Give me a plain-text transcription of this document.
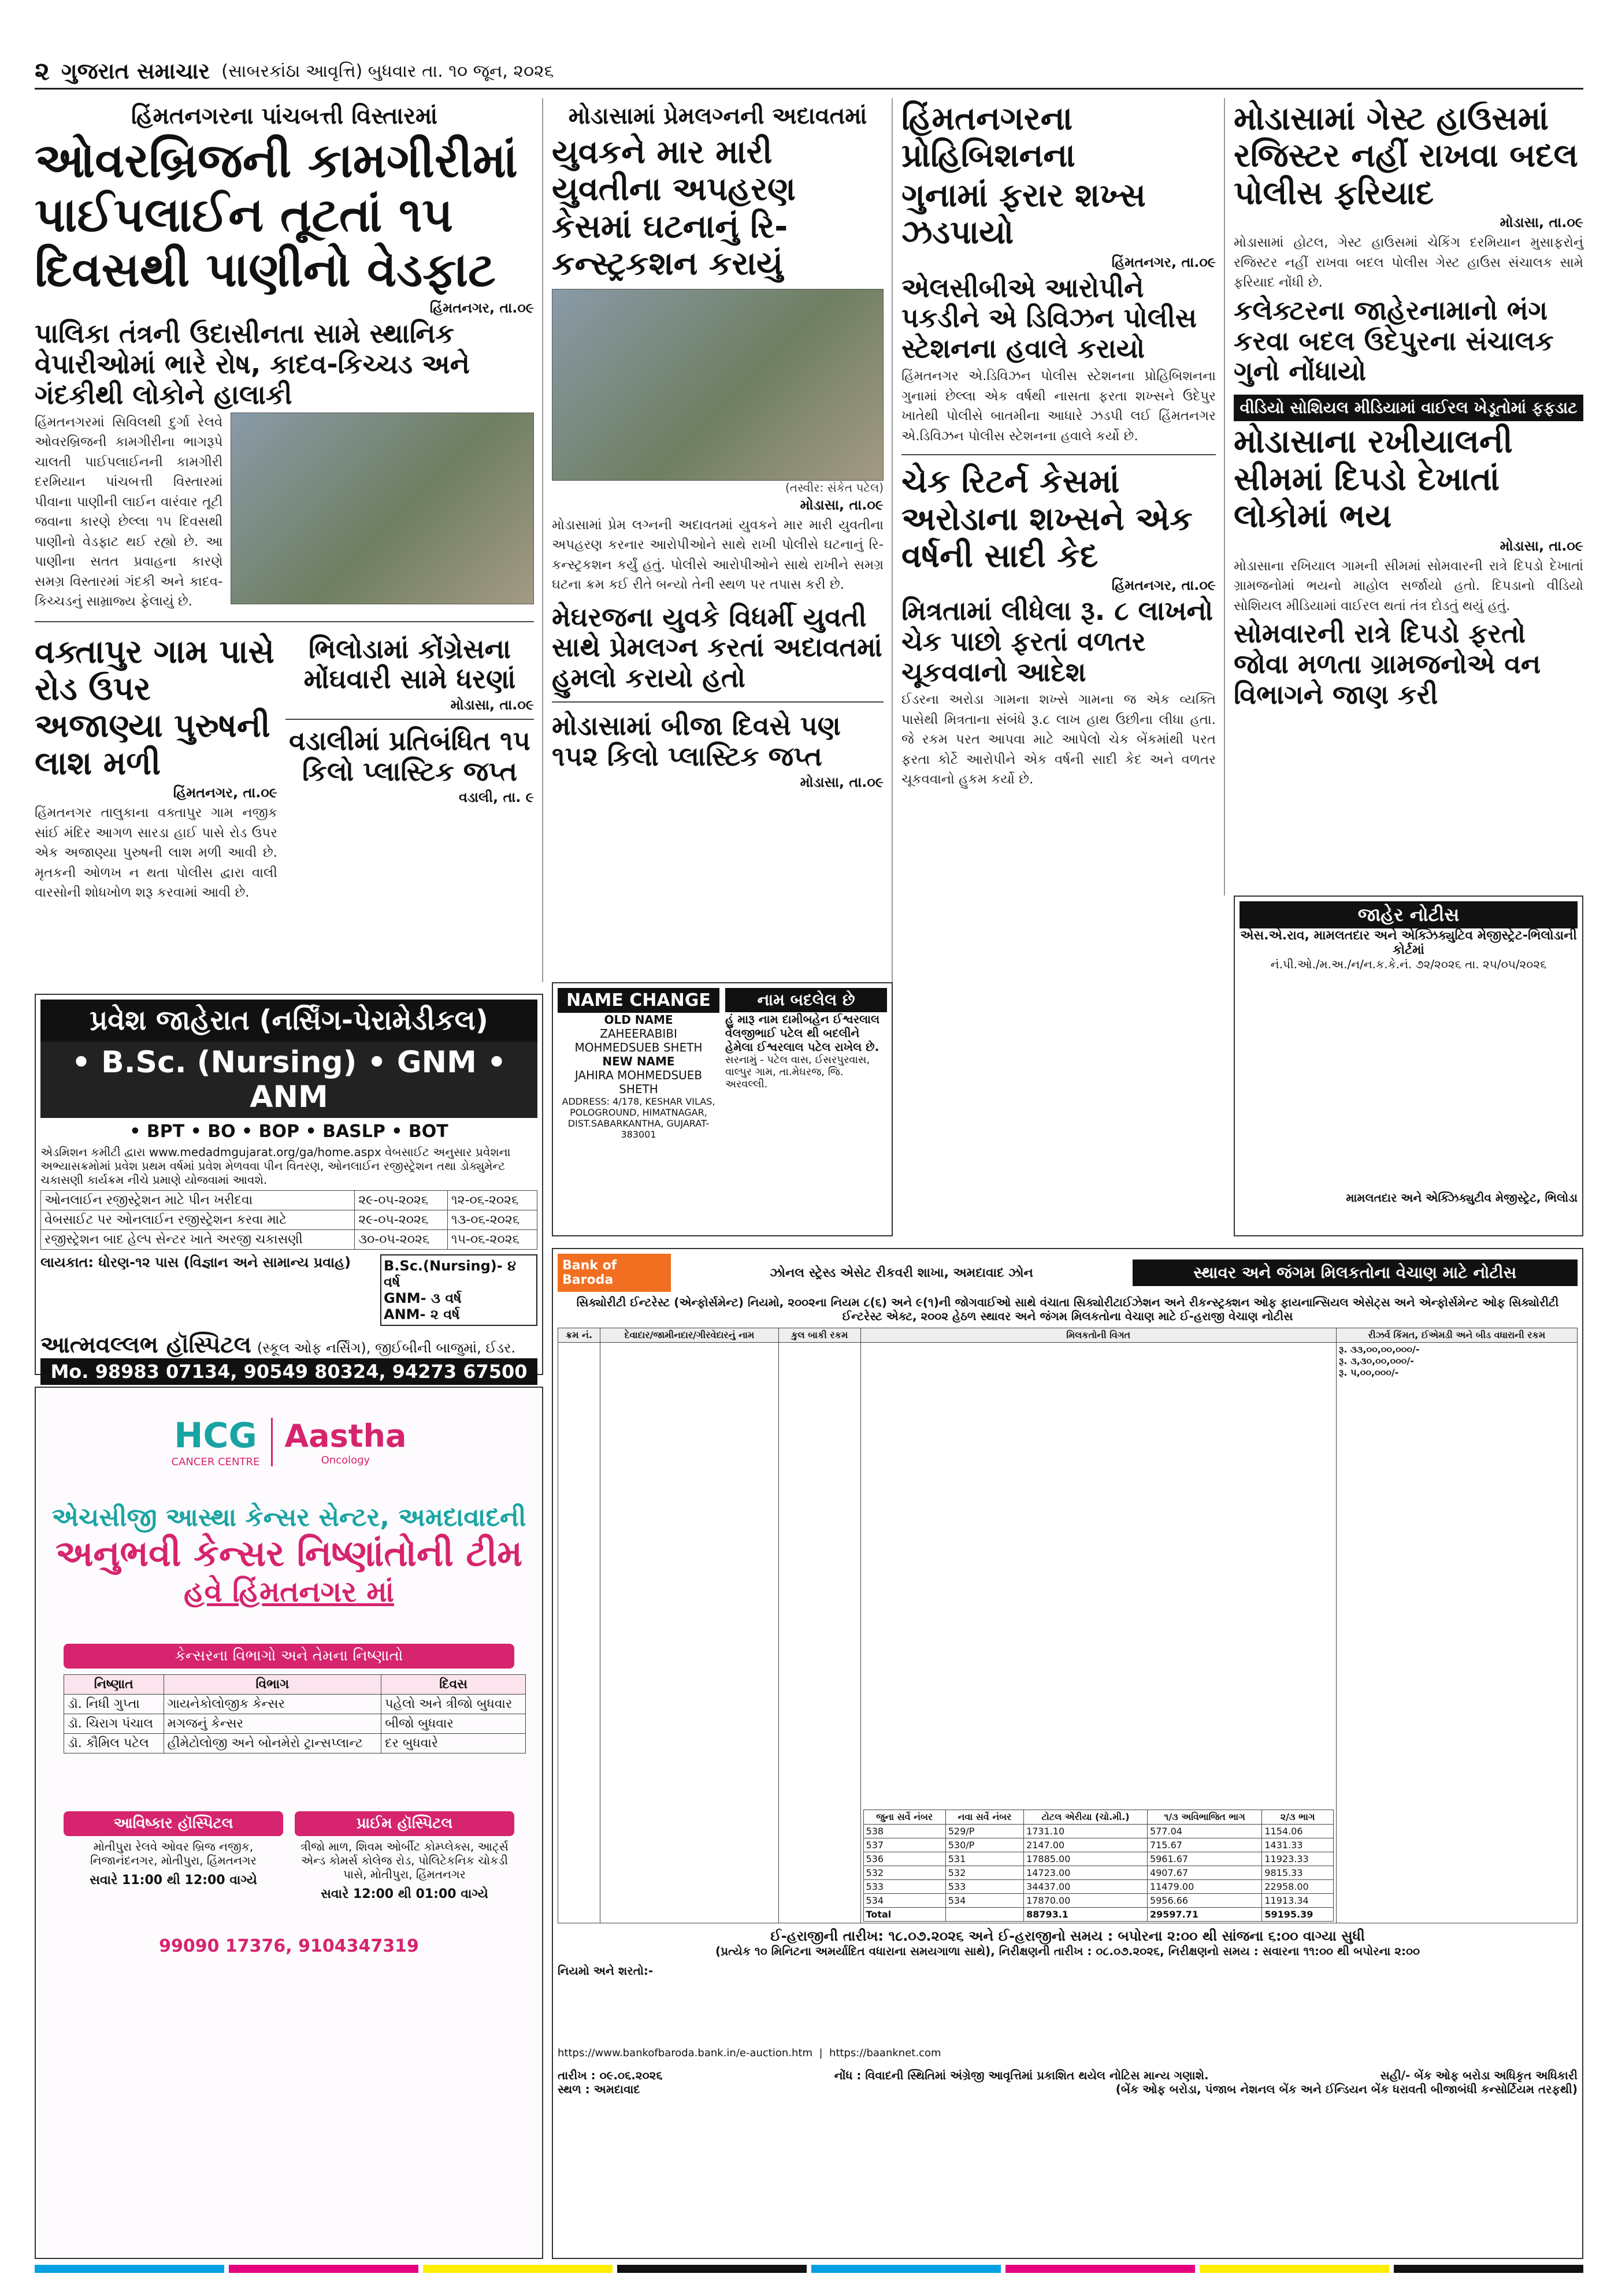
૨ ગુજરાત સમાચાર (સાબરકાંઠા આવૃત્તિ) બુધવાર તા. ૧૦ જૂન, ૨૦૨૬
હિંમતનગરના પાંચબત્તી વિસ્તારમાં
ઓવરબ્રિજની કામગીરીમાં પાઈપલાઈન તૂટતાં ૧૫ દિવસથી પાણીનો વેડફાટ
હિંમતનગર, તા.૦૯
પાલિકા તંત્રની ઉદાસીનતા સામે સ્થાનિક વેપારીઓમાં ભારે રોષ, કાદવ-કિચ્ચડ અને ગંદકીથી લોકોને હાલાકી
હિંમતનગરમાં સિવિલથી દુર્ગા રેલવે ઓવરબ્રિજની કામગીરીના ભાગરૂપે ચાલતી પાઈપલાઈનની કામગીરી દરમિયાન પાંચબત્તી વિસ્તારમાં પીવાના પાણીની લાઈન વારંવાર તૂટી જવાના કારણે છેલ્લા ૧૫ દિવસથી પાણીનો વેડફાટ થઈ રહ્યો છે. આ પાણીના સતત પ્રવાહના કારણે સમગ્ર વિસ્તારમાં ગંદકી અને કાદવ-કિચ્ચડનું સામ્રાજ્ય ફેલાયું છે.
વક્તાપુર ગામ પાસે રોડ ઉપર અજાણ્યા પુરુષની લાશ મળી
હિંમતનગર, તા.૦૯
હિંમતનગર તાલુકાના વક્તાપુર ગામ નજીક સાંઈ મંદિર આગળ સારડા હાઈ પાસે રોડ ઉપર એક અજાણ્યા પુરુષની લાશ મળી આવી છે. મૃતકની ઓળખ ન થતા પોલીસ દ્વારા વાલી વારસોની શોધખોળ શરૂ કરવામાં આવી છે.
ભિલોડામાં કોંગ્રેસના મોંઘવારી સામે ધરણાં
મોડાસા, તા.૦૯
વડાલીમાં પ્રતિબંધિત ૧૫ કિલો પ્લાસ્ટિક જપ્ત
વડાલી, તા. ૯
મોડાસામાં પ્રેમલગ્નની અદાવતમાં
યુવકને માર મારી યુવતીના અપહરણ કેસમાં ઘટનાનું રિ-કન્સ્ટ્રકશન કરાયું
(તસ્વીર: સંકેત પટેલ)
મોડાસા, તા.૦૯
મોડાસામાં પ્રેમ લગ્નની અદાવતમાં યુવકને માર મારી યુવતીના અપહરણ કરનાર આરોપીઓને સાથે રાખી પોલીસે ઘટનાનું રિ-કન્સ્ટ્રકશન કર્યું હતું. પોલીસે આરોપીઓને સાથે રાખીને સમગ્ર ઘટના ક્રમ કઈ રીતે બન્યો તેની સ્થળ પર તપાસ કરી છે.
મેઘરજના યુવકે વિધર્મી યુવતી સાથે પ્રેમલગ્ન કરતાં અદાવતમાં હુમલો કરાયો હતો
મોડાસામાં બીજા દિવસે પણ ૧૫૨ કિલો પ્લાસ્ટિક જપ્ત
મોડાસા, તા.૦૯
હિંમતનગરના પ્રોહિબિશનના
ગુનામાં ફરાર શખ્સ ઝડપાયો
હિંમતનગર, તા.૦૯
એલસીબીએ આરોપીને પકડીને એ ડિવિઝન પોલીસ સ્ટેશનના હવાલે કરાયો
હિંમતનગર એ.ડિવિઝન પોલીસ સ્ટેશનના પ્રોહિબિશનના ગુનામાં છેલ્લા એક વર્ષથી નાસતા ફરતા શખ્સને ઉદેપુર ખાતેથી પોલીસે બાતમીના આધારે ઝડપી લઈ હિંમતનગર એ.ડિવિઝન પોલીસ સ્ટેશનના હવાલે કર્યો છે.
ચેક રિટર્ન કેસમાં અરોડાના શખ્સને એક વર્ષની સાદી કેદ
હિંમતનગર, તા.૦૯
મિત્રતામાં લીધેલા રૂ. ૮ લાખનો ચેક પાછો ફરતાં વળતર ચૂકવવાનો આદેશ
ઈડરના અરોડા ગામના શખ્સે ગામના જ એક વ્યક્તિ પાસેથી મિત્રતાના સંબંધે રૂ.૮ લાખ હાથ ઉછીના લીધા હતા. જે રકમ પરત આપવા માટે આપેલો ચેક બેંકમાંથી પરત ફરતા કોર્ટે આરોપીને એક વર્ષની સાદી કેદ અને વળતર ચૂકવવાનો હુકમ કર્યો છે.
મોડાસામાં ગેસ્ટ હાઉસમાં રજિસ્ટર નહીં રાખવા બદલ પોલીસ ફરિયાદ
મોડાસા, તા.૦૯
મોડાસામાં હોટલ, ગેસ્ટ હાઉસમાં ચેકિંગ દરમિયાન મુસાફરોનું રજિસ્ટર નહીં રાખવા બદલ પોલીસ ગેસ્ટ હાઉસ સંચાલક સામે ફરિયાદ નોંધી છે.
કલેક્ટરના જાહેરનામાનો ભંગ કરવા બદલ ઉદેપુરના સંચાલક ગુનો નોંધાયો
વીડિયો સોશિયલ મીડિયામાં વાઈરલ ખેડૂતોમાં ફફડાટ
મોડાસાના રખીયાલની સીમમાં દિપડો દેખાતાં લોકોમાં ભય
મોડાસા, તા.૦૯
મોડાસાના રખિયાલ ગામની સીમમાં સોમવારની રાત્રે દિપડો દેખાતાં ગ્રામજનોમાં ભયનો માહોલ સર્જાયો હતો. દિપડાનો વીડિયો સોશિયલ મીડિયામાં વાઈરલ થતાં તંત્ર દોડતું થયું હતું.
સોમવારની રાત્રે દિપડો ફરતો જોવા મળતા ગ્રામજનોએ વન વિભાગને જાણ કરી
NAME CHANGE
OLD NAME
ZAHEERABIBI MOHMEDSUEB SHETH
NEW NAME
JAHIRA MOHMEDSUEB SHETH
ADDRESS: 4/178, KESHAR VILAS, POLOGROUND, HIMATNAGAR, DIST.SABARKANTHA, GUJARAT-383001
નામ બદલેલ છે
હું મારૂ નામ દામીબહેન ઈશ્વરલાલ વેલજીભાઈ પટેલ થી બદલીને હેમેલા ઈશ્વરલાલ પટેલ રાખેલ છે.
સરનામું - પટેલ વાસ, ઈસરપુરવાસ, વાલ્પુર ગામ, તા.મેઘરજ, જિ. અરવલ્લી.
જાહેર નોટીસ
એસ.એ.રાવ, મામલતદાર અને એક્ઝિક્યુટિવ મેજીસ્ટ્રેટ-ભિલોડાની કોર્ટમાં
નં.પી.ઓ./મ.અ./ન/ન.ક.કે.નં. ૭૨/૨૦૨૬ તા. ૨૫/૦૫/૨૦૨૬
મામલતદાર અને એક્ઝિક્યુટીવ મેજીસ્ટ્રેટ, ભિલોડા
પ્રવેશ જાહેરાત (નર્સિંગ-પેરામેડીકલ)
• B.Sc. (Nursing) • GNM • ANM
• BPT • BO • BOP • BASLP • BOT
એડમિશન કમીટી દ્વારા www.medadmgujarat.org/ga/home.aspx વેબસાઈટ અનુસાર પ્રવેશના અભ્યાસક્રમોમાં પ્રવેશ પ્રથમ વર્ષમાં પ્રવેશ મેળવવા પીન વિતરણ, ઓનલાઈન રજીસ્ટ્રેશન તથા ડોક્યુમેન્ટ ચકાસણી કાર્યક્રમ નીચે પ્રમાણે યોજવામાં આવશે.
ઓનલાઈન રજીસ્ટ્રેશન માટે પીન ખરીદવા	૨૯-૦૫-૨૦૨૬	૧૨-૦૬-૨૦૨૬
વેબસાઈટ પર ઓનલાઈન રજીસ્ટ્રેશન કરવા માટે	૨૯-૦૫-૨૦૨૬	૧૩-૦૬-૨૦૨૬
રજીસ્ટ્રેશન બાદ હેલ્પ સેન્ટર ખાતે અરજી ચકાસણી	૩૦-૦૫-૨૦૨૬	૧૫-૦૬-૨૦૨૬
લાયકાત: ધોરણ-૧૨ પાસ (વિજ્ઞાન અને સામાન્ય પ્રવાહ)	B.Sc.(Nursing)- ૪ વર્ષ
GNM- ૩ વર્ષ
ANM- ૨ વર્ષ
આત્મવલ્લભ હૉસ્પિટલ (સ્કૂલ ઓફ નર્સિંગ), જીઈબીની બાજુમાં, ઈડર.
Mo. 98983 07134, 90549 80324, 94273 67500
HCG
CANCER CENTRE
Aastha
Oncology
એચસીજી આસ્થા કેન્સર સેન્ટર, અમદાવાદની
અનુભવી કેન્સર નિષ્ણાંતોની ટીમ
હવે હિંમતનગર માં
કેન્સરના વિભાગો અને તેમના નિષ્ણાતો
નિષ્ણાત	વિભાગ	દિવસ
ડૉ. નિધી ગુપ્તા	ગાયનેકોલોજીક કેન્સર	પહેલો અને ત્રીજો બુધવાર
ડૉ. ચિરાગ પંચાલ	મગજનું કેન્સર	બીજો બુધવાર
ડૉ. કૌમિલ પટેલ	હીમેટોલોજી અને બોનમેરો ટ્રાન્સપ્લાન્ટ	દર બુધવારે
આવિષ્કાર હૉસ્પિટલ
મોતીપુરા રેલવે ઓવર બ્રિજ નજીક, નિજાનંદનગર, મોતીપુરા, હિંમતનગર
સવારે 11:00 થી 12:00 વાગ્યે
પ્રાઈમ હૉસ્પિટલ
ત્રીજો માળ, શિવમ ઓર્બીટ કોમ્પ્લેક્સ, આર્ટ્સ એન્ડ કોમર્સ કોલેજ રોડ, પોલિટેકનિક ચોકડી પાસે, મોતીપુરા, હિંમતનગર
સવારે 12:00 થી 01:00 વાગ્યે
99090 17376, 9104347319
Bank of Baroda	ઝોનલ સ્ટ્રેસ્ડ એસેટ રીકવરી શાખા, અમદાવાદ ઝોન	સ્થાવર અને જંગમ મિલકતોના વેચાણ માટે નોટીસ
સિક્યોરીટી ઈન્ટરેસ્ટ (એન્ફોર્સમેન્ટ) નિયમો, ૨૦૦૨ના નિયમ ૮(૬) અને ૯(૧)ની જોગવાઈઓ સાથે વંચાતા સિક્યોરીટાઈઝેશન અને રીકન્સ્ટ્રક્શન ઓફ ફાયનાન્સિયલ એસેટ્સ અને એન્ફોર્સમેન્ટ ઓફ સિક્યોરીટી ઈન્ટરેસ્ટ એક્ટ, ૨૦૦૨ હેઠળ સ્થાવર અને જંગમ મિલકતોના વેચાણ માટે ઈ-હરાજી વેચાણ નોટીસ
ક્રમ નં.	દેવાદાર/જામીનદાર/ગીરવેદારનું નામ	કુલ બાકી રકમ	મિલકતોની વિગત	રીઝર્વ કિંમત, ઈએમડી અને બીડ વધારાની રકમ

જુના સર્વે નંબર	નવા સર્વે નંબર	ટોટલ એરીયા (ચો.મી.)	૧/૩ અવિભાજિત ભાગ	૨/૩ ભાગ
538	529/P	1731.10	577.04	1154.06
537	530/P	2147.00	715.67	1431.33
536	531	17885.00	5961.67	11923.33
532	532	14723.00	4907.67	9815.33
533	533	34437.00	11479.00	22958.00
534	534	17870.00	5956.66	11913.34
Total		88793.1	29597.71	59195.39

રૂ. ૩૩,૦૦,૦૦,૦૦૦/-
રૂ. ૩,૩૦,૦૦,૦૦૦/-
રૂ. ૫,૦૦,૦૦૦/-
ઈ-હરાજીની તારીખ: ૧૮.૦૭.૨૦૨૬ અને ઈ-હરાજીનો સમય : બપોરના ૨:૦૦ થી સાંજના ૬:૦૦ વાગ્યા સુધી
(પ્રત્યેક ૧૦ મિનિટના અમર્યાદિત વધારાના સમયગાળા સાથે), નિરીક્ષણની તારીખ : ૦૮.૦૭.૨૦૨૬, નિરીક્ષણનો સમય : સવારના ૧૧:૦૦ થી બપોરના ૨:૦૦
નિયમો અને શરતો:-
https://www.bankofbaroda.bank.in/e-auction.htm  |  https://baanknet.com
તારીખ : ૦૯.૦૬.૨૦૨૬	નોંધ : વિવાદની સ્થિતિમાં અંગ્રેજી આવૃત્તિમાં પ્રકાશિત થયેલ નોટિસ માન્ય ગણાશે.	સહી/- બેંક ઓફ બરોડા અધિકૃત અધિકારી
સ્થળ : અમદાવાદ	(બેંક ઓફ બરોડા, પંજાબ નેશનલ બેંક અને ઈન્ડિયન બેંક ધરાવતી બીજાબંધી કન્સોર્ટિયમ તરફથી)
